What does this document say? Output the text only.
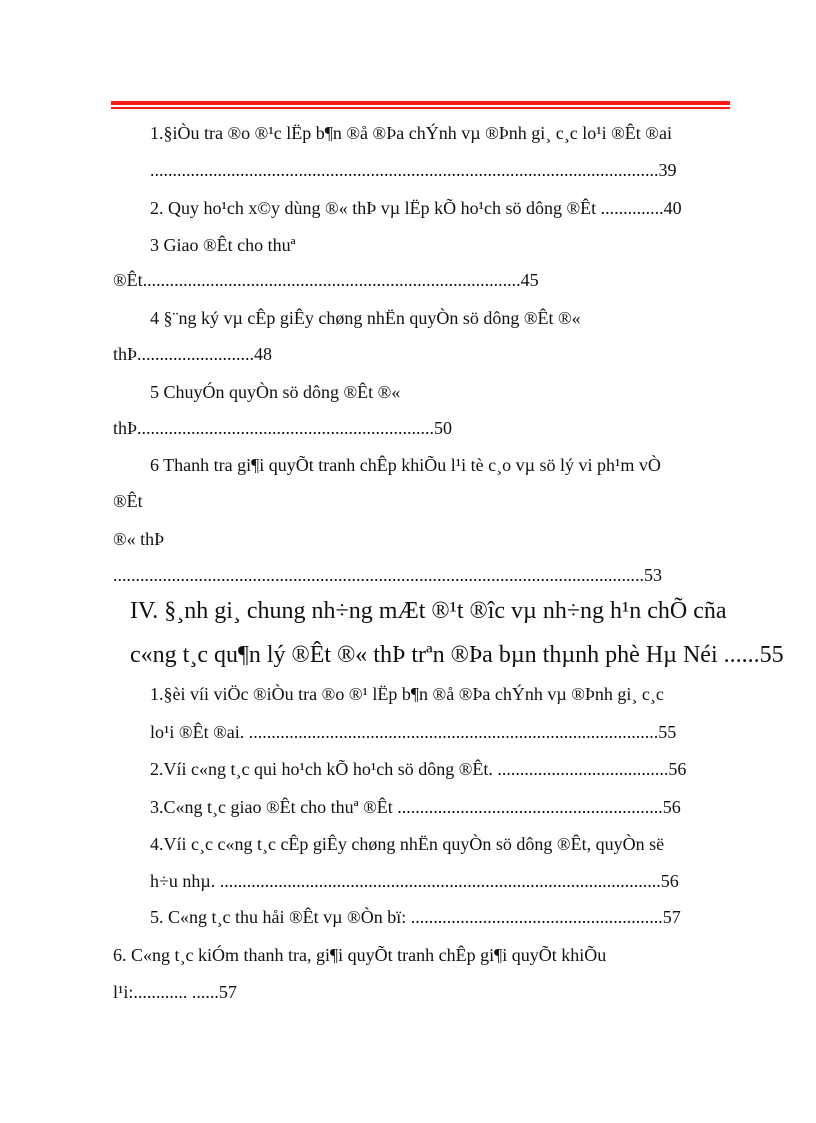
1.§iÒu tra ®o ®¹c lËp b¶n ®å ®Þa chÝnh vµ ®Þnh gi¸ c¸c lo¹i ®Êt ®ai
.................................................................................................................39
2. Quy ho¹ch x©y dùng ®« thÞ vµ lËp kÕ ho¹ch sö dông ®Êt ..............40
3 Giao ®Êt cho thuª
®Êt....................................................................................45
4 §¨ng ký vµ cÊp giÊy chøng nhËn quyÒn sö dông ®Êt ®«
thÞ..........................48
5 ChuyÓn quyÒn sö dông ®Êt ®«
thÞ..................................................................50
6 Thanh tra gi¶i quyÕt tranh chÊp khiÕu l¹i tè c¸o vµ sö lý vi ph¹m vÒ
®Êt
®« thÞ
......................................................................................................................53
IV. §¸nh gi¸ chung nh÷ng mÆt ®¹t ®îc vµ nh÷ng h¹n chÕ cña
c«ng t¸c qu¶n lý ®Êt ®« thÞ trªn ®Þa bµn thµnh phè Hµ Néi ......55
1.§èi víi viÖc ®iÒu tra ®o ®¹ lËp b¶n ®å ®Þa chÝnh vµ ®Þnh gi¸ c¸c
lo¹i ®Êt ®ai. ...........................................................................................55
2.Víi c«ng t¸c qui ho¹ch kÕ ho¹ch sö dông ®Êt. ......................................56
3.C«ng t¸c giao ®Êt cho thuª ®Êt ...........................................................56
4.Víi c¸c c«ng t¸c cÊp giÊy chøng nhËn quyÒn sö dông ®Êt, quyÒn së
h÷u nhµ. ..................................................................................................56
5. C«ng t¸c thu håi ®Êt vµ ®Òn bï: ........................................................57
6. C«ng t¸c kiÓm thanh tra, gi¶i quyÕt tranh chÊp gi¶i quyÕt khiÕu
l¹i:............ ......57
